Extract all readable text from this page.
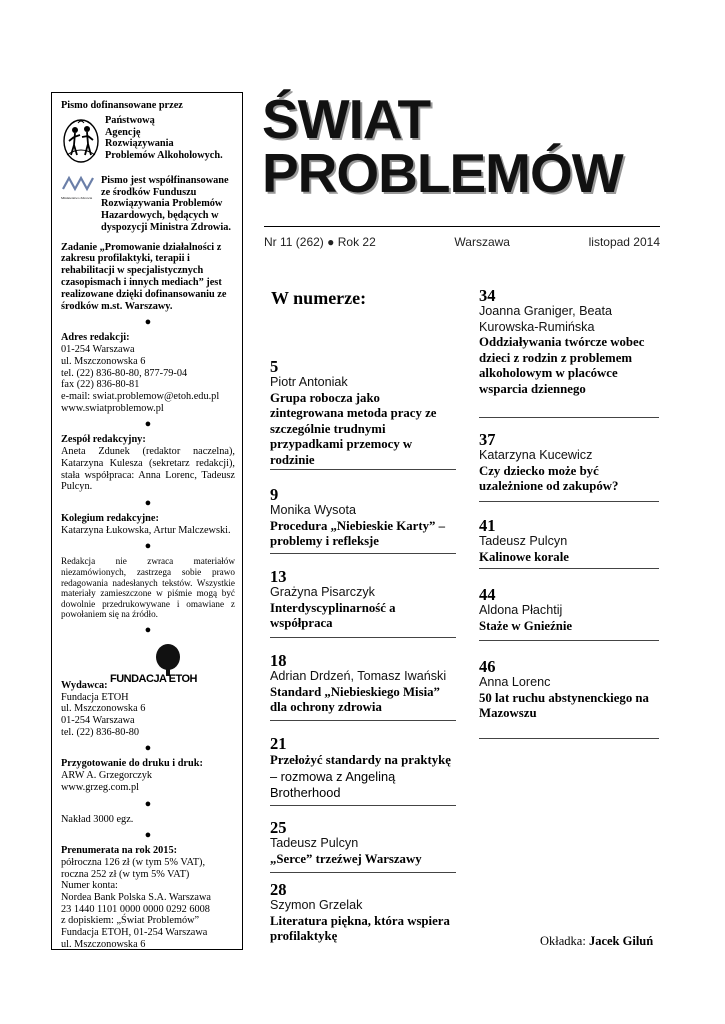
Pismo dofinansowane przez
Państwową
Agencję
Rozwiązywania
Problemów Alkoholowych.
Ministerstwo Zdrowia
Pismo jest współfinansowane ze środków Funduszu Rozwiązywania Problemów Hazardowych, będących w dyspozycji Ministra Zdrowia.
Zadanie „Promowanie działalności z zakresu profilaktyki, terapii i rehabilitacji w specjalistycznych czasopismach i innych mediach” jest realizowane dzięki dofinansowaniu ze środków m.st. Warszawy.
●
Adres redakcji:
01-254 Warszawa
ul. Mszczonowska 6
tel. (22) 836-80-80, 877-79-04
fax (22) 836-80-81
e-mail: swiat.problemow@etoh.edu.pl
www.swiatproblemow.pl
●
Zespół redakcyjny:
Aneta Zdunek (redaktor naczelna), Katarzyna Kulesza (sekretarz redakcji), stała współpraca: Anna Lorenc, Tadeusz Pulcyn.
●
Kolegium redakcyjne:
Katarzyna Łukowska, Artur Malczewski.
●
Redakcja nie zwraca materiałów niezamówionych, zastrzega sobie prawo redagowania nadesłanych tekstów. Wszystkie materiały zamieszczone w piśmie mogą być dowolnie przedrukowywane i omawiane z powołaniem się na źródło.
●
Wydawca:
FUNDACJA ETOH
Fundacja ETOH
ul. Mszczonowska 6
01-254 Warszawa
tel. (22) 836-80-80
●
Przygotowanie do druku i druk:
ARW A. Grzegorczyk
www.grzeg.com.pl
●
Nakład 3000 egz.
●
Prenumerata na rok 2015:
półroczna 126 zł (w tym 5% VAT),
roczna 252 zł (w tym 5% VAT)
Numer konta:
Nordea Bank Polska S.A. Warszawa
23 1440 1101 0000 0000 0292 6008
z dopiskiem: „Świat Problemów”
Fundacja ETOH, 01-254 Warszawa
ul. Mszczonowska 6
ŚWIAT
PROBLEMÓW
Nr 11 (262) ● Rok 22	Warszawa	listopad 2014
W numerze:
5
Piotr Antoniak
Grupa robocza jako zintegrowana metoda pracy ze szczególnie trudnymi przypadkami przemocy w rodzinie
9
Monika Wysota
Procedura „Niebieskie Karty” – problemy i refleksje
13
Grażyna Pisarczyk
Interdyscyplinarność a współpraca
18
Adrian Drdzeń, Tomasz Iwański
Standard „Niebieskiego Misia” dla ochrony zdrowia
21
Przełożyć standardy na praktykę – rozmowa z Angeliną Brotherhood
25
Tadeusz Pulcyn
„Serce” trzeźwej Warszawy
28
Szymon Grzelak
Literatura piękna, która wspiera profilaktykę
34
Joanna Graniger, Beata Kurowska-Rumińska
Oddziaływania twórcze wobec dzieci z rodzin z problemem alkoholowym w placówce wsparcia dziennego
37
Katarzyna Kucewicz
Czy dziecko może być uzależnione od zakupów?
41
Tadeusz Pulcyn
Kalinowe korale
44
Aldona Płachtij
Staże w Gnieźnie
46
Anna Lorenc
50 lat ruchu abstynenckiego na Mazowszu
Okładka: Jacek Giluń
